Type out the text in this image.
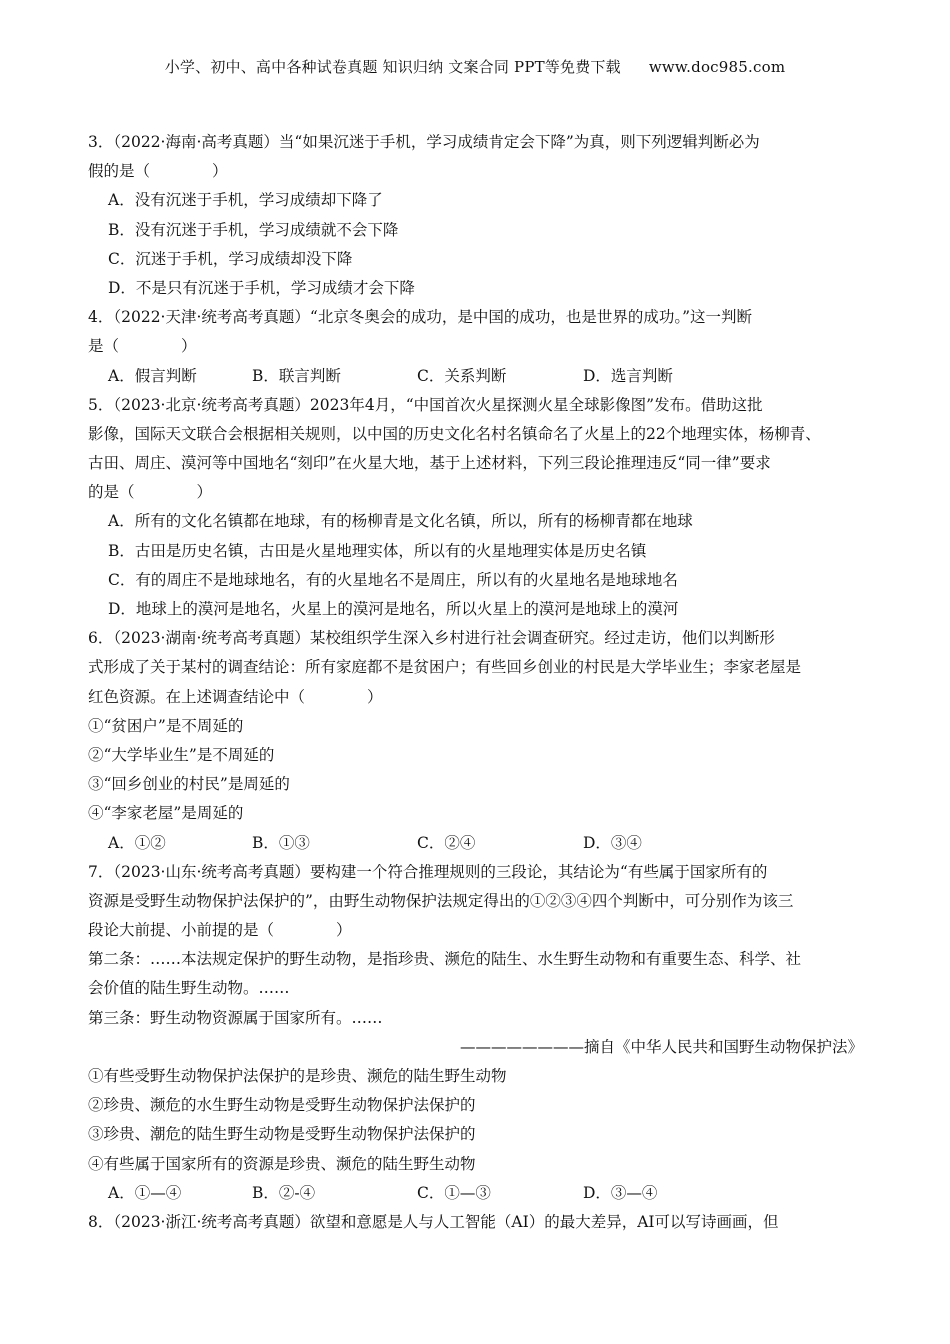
小学、初中、高中各种试卷真题 知识归纳 文案合同 PPT等免费下载 www.doc985.com
3．（2022·海南·高考真题）当“如果沉迷于手机，学习成绩肯定会下降”为真，则下列逻辑判断必为
假的是（　　　　）
A．没有沉迷于手机，学习成绩却下降了
B．没有沉迷于手机，学习成绩就不会下降
C．沉迷于手机，学习成绩却没下降
D．不是只有沉迷于手机，学习成绩才会下降
4．（2022·天津·统考高考真题）“北京冬奥会的成功，是中国的成功，也是世界的成功。”这一判断
是（　　　　）
A．假言判断	B．联言判断	C．关系判断	D．选言判断
5．（2023·北京·统考高考真题）2023年4月，“中国首次火星探测火星全球影像图”发布。借助这批
影像，国际天文联合会根据相关规则，以中国的历史文化名村名镇命名了火星上的22个地理实体，杨柳青、
古田、周庄、漠河等中国地名“刻印”在火星大地，基于上述材料，下列三段论推理违反“同一律”要求
的是（　　　　）
A．所有的文化名镇都在地球，有的杨柳青是文化名镇，所以，所有的杨柳青都在地球
B．古田是历史名镇，古田是火星地理实体，所以有的火星地理实体是历史名镇
C．有的周庄不是地球地名，有的火星地名不是周庄，所以有的火星地名是地球地名
D．地球上的漠河是地名，火星上的漠河是地名，所以火星上的漠河是地球上的漠河
6．（2023·湖南·统考高考真题）某校组织学生深入乡村进行社会调查研究。经过走访，他们以判断形
式形成了关于某村的调查结论：所有家庭都不是贫困户；有些回乡创业的村民是大学毕业生；李家老屋是
红色资源。在上述调查结论中（　　　　）
①“贫困户”是不周延的
②“大学毕业生”是不周延的
③“回乡创业的村民”是周延的
④“李家老屋”是周延的
A．①②	B．①③	C．②④	D．③④
7．（2023·山东·统考高考真题）要构建一个符合推理规则的三段论，其结论为“有些属于国家所有的
资源是受野生动物保护法保护的”，由野生动物保护法规定得出的①②③④四个判断中，可分别作为该三
段论大前提、小前提的是（　　　　）
第二条：……本法规定保护的野生动物，是指珍贵、濒危的陆生、水生野生动物和有重要生态、科学、社
会价值的陆生野生动物。……
第三条：野生动物资源属于国家所有。……
————————摘自《中华人民共和国野生动物保护法》
①有些受野生动物保护法保护的是珍贵、濒危的陆生野生动物
②珍贵、濒危的水生野生动物是受野生动物保护法保护的
③珍贵、潮危的陆生野生动物是受野生动物保护法保护的
④有些属于国家所有的资源是珍贵、濒危的陆生野生动物
A．①—④	B．②-④	C．①—③	D．③—④
8．（2023·浙江·统考高考真题）欲望和意愿是人与人工智能（AI）的最大差异，AI可以写诗画画，但
